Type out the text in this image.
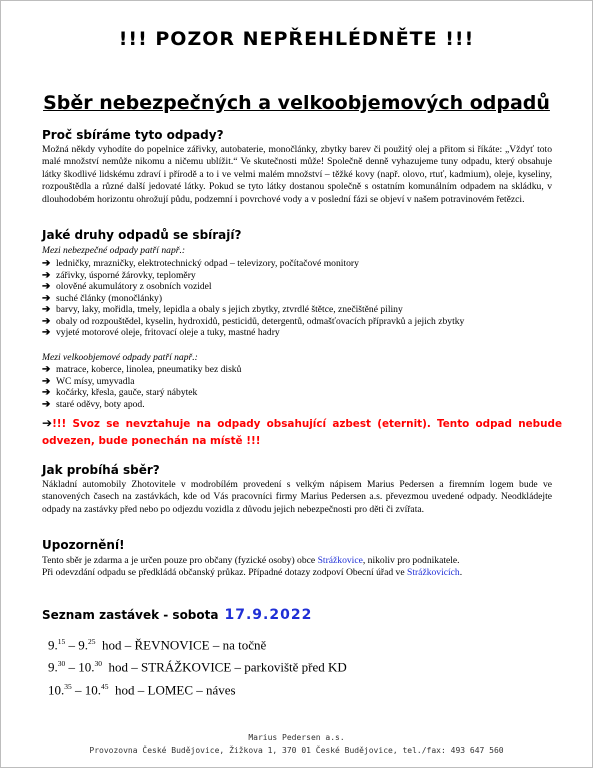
!!! POZOR NEPŘEHLÉDNĚTE !!!
Sběr nebezpečných a velkoobjemových odpadů
Proč sbíráme tyto odpady?
Možná někdy vyhodíte do popelnice zářivky, autobaterie, monočlánky, zbytky barev či použitý olej a přitom si říkáte: „Vždyť toto malé množství nemůže nikomu a ničemu ublížit.“ Ve skutečnosti může! Společně denně vyhazujeme tuny odpadu, který obsahuje látky škodlivé lidskému zdraví i přírodě a to i ve velmi malém množství – těžké kovy (např. olovo, rtuť, kadmium), oleje, kyseliny, rozpouštědla a různé další jedovaté látky. Pokud se tyto látky dostanou společně s ostatním komunálním odpadem na skládku, v dlouhodobém horizontu ohrožují půdu, podzemní i povrchové vody a v poslední fázi se objeví v našem potravinovém řetězci.
Jaké druhy odpadů se sbírají?
Mezi nebezpečné odpady patří např.:
➔ ledničky, mrazničky, elektrotechnický odpad – televizory, počítačové monitory
➔ zářivky, úsporné žárovky, teploměry
➔ olověné akumulátory z osobních vozidel
➔ suché články (monočlánky)
➔ barvy, laky, mořidla, tmely, lepidla a obaly s jejich zbytky, ztvrdlé štětce, znečištěné piliny
➔ obaly od rozpouštědel, kyselin, hydroxidů, pesticidů, detergentů, odmašťovacích přípravků a jejich zbytky
➔ vyjeté motorové oleje, fritovací oleje a tuky, mastné hadry
Mezi velkoobjemové odpady patří např.:
➔ matrace, koberce, linolea, pneumatiky bez disků
➔ WC mísy, umyvadla
➔ kočárky, křesla, gauče, starý nábytek
➔ staré oděvy, boty apod.
➔!!! Svoz se nevztahuje na odpady obsahující azbest (eternit). Tento odpad nebude odvezen, bude ponechán na místě !!!
Jak probíhá sběr?
Nákladní automobily Zhotovitele v modrobílém provedení s velkým nápisem Marius Pedersen a firemním logem bude ve stanovených časech na zastávkách, kde od Vás pracovníci firmy Marius Pedersen a.s. převezmou uvedené odpady. Neodkládejte odpady na zastávky před nebo po odjezdu vozidla z důvodu jejich nebezpečnosti pro děti či zvířata.
Upozornění!
Tento sběr je zdarma a je určen pouze pro občany (fyzické osoby) obce Strážkovice, nikoliv pro podnikatele.
Při odevzdání odpadu se předkládá občanský průkaz. Případné dotazy zodpoví Obecní úřad ve Strážkovicích.
Seznam zastávek - sobota 17.9.2022
9.15 – 9.25 hod – ŘEVNOVICE – na točně
9.30 – 10.30 hod – STRÁŽKOVICE – parkoviště před KD
10.35 – 10.45 hod – LOMEC – náves
Marius Pedersen a.s.
Provozovna České Budějovice, Žižkova 1, 370 01 České Budějovice, tel./fax: 493 647 560
